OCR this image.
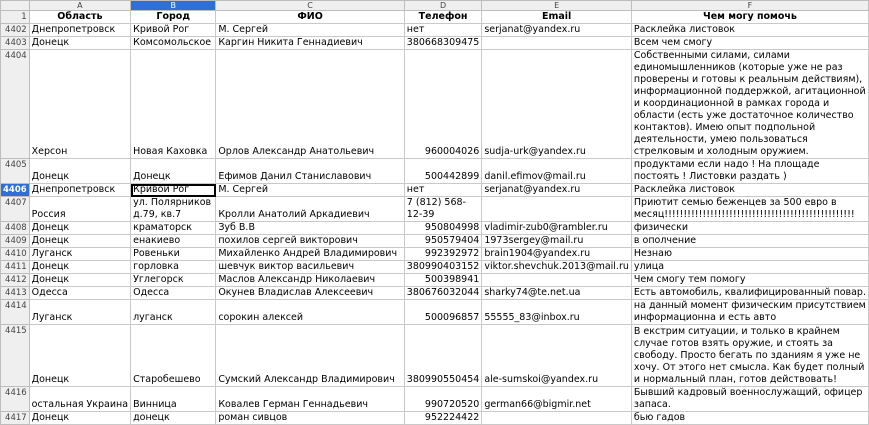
	A	B	C	D	E	F
1	Область	Город	ФИО	Телефон	Email	Чем могу помочь
4402	Днепропетровск	Кривой Рог	М. Сергей	нет	serjanat@yandex.ru	Расклейка листовок
4403	Донецк	Комсомольское	Каргин Никита Геннадиевич	380668309475		Всем чем смогу
4404	Херсон	Новая Каховка	Орлов Александр Анатольевич	960004026	sudja-urk@yandex.ru	Собственными силами, силами единомышленников (которые уже не раз проверены и готовы к реальным действиям), информационной поддержкой, агитационной и координационной в рамках города и области (есть уже достаточное количество контактов). Имею опыт подпольной деятельности, умею пользоваться стрелковым и холодным оружием.
4405	Донецк	Донецк	Ефимов Данил Станиславович	500442899	danil.efimov@mail.ru	продуктами если надо ! На площаде постоять ! Листовки раздать )
4406	Днепропетровск	Кривой Рог	М. Сергей	нет	serjanat@yandex.ru	Расклейка листовок
4407	Россия	ул. Полярников д.79, кв.7	Кролли Анатолий Аркадиевич	7 (812) 568-12-39		Приютит семью беженцев за 500 евро в месяц!!!!!!!!!!!!!!!!!!!!!!!!!!!!!!!!!!!!!!!!!!!!!!!!!!
4408	Донецк	краматорск	Зуб В.В	950804998	vladimir-zub0@rambler.ru	физически
4409	Донецк	енакиево	похилов сергей викторович	950579404	1973sergey@mail.ru	в ополчение
4410	Луганск	Ровеньки	Михайленко Андрей Владимирович	992392972	brain1904@yandex.ru	Незнаю
4411	Донецк	горловка	шевчук виктор васильевич	380990403152	viktor.shevchuk.2013@mail.ru	улица
4412	Донецк	Углегорск	Маслов Александр Николаевич	500398941		Чем смогу тем помогу
4413	Одесса	Одесса	Окунев Владислав Алексеевич	380676032044	sharky74@te.net.ua	Есть автомобиль, квалифицированный повар.
4414	Луганск	луганск	сорокин алексей	500096857	55555_83@inbox.ru	на данный момент физическим присутствием информационна и есть авто
4415	Донецк	Старобешево	Сумский Александр Владимирович	380990550454	ale-sumskoi@yandex.ru	В екстрим ситуации, и только в крайнем случае готов взять оружие, и стоять за свободу. Просто бегать по зданиям я уже не хочу. От этого нет смысла. Как будет полный и нормальный план, готов действовать!
4416	остальная Украина	Винница	Ковалев Герман Геннадьевич	990720520	german66@bigmir.net	Бывший кадровый военнослужащий, офицер запаса.
4417	Донецк	донецк	роман сивцов	952224422		бью гадов
